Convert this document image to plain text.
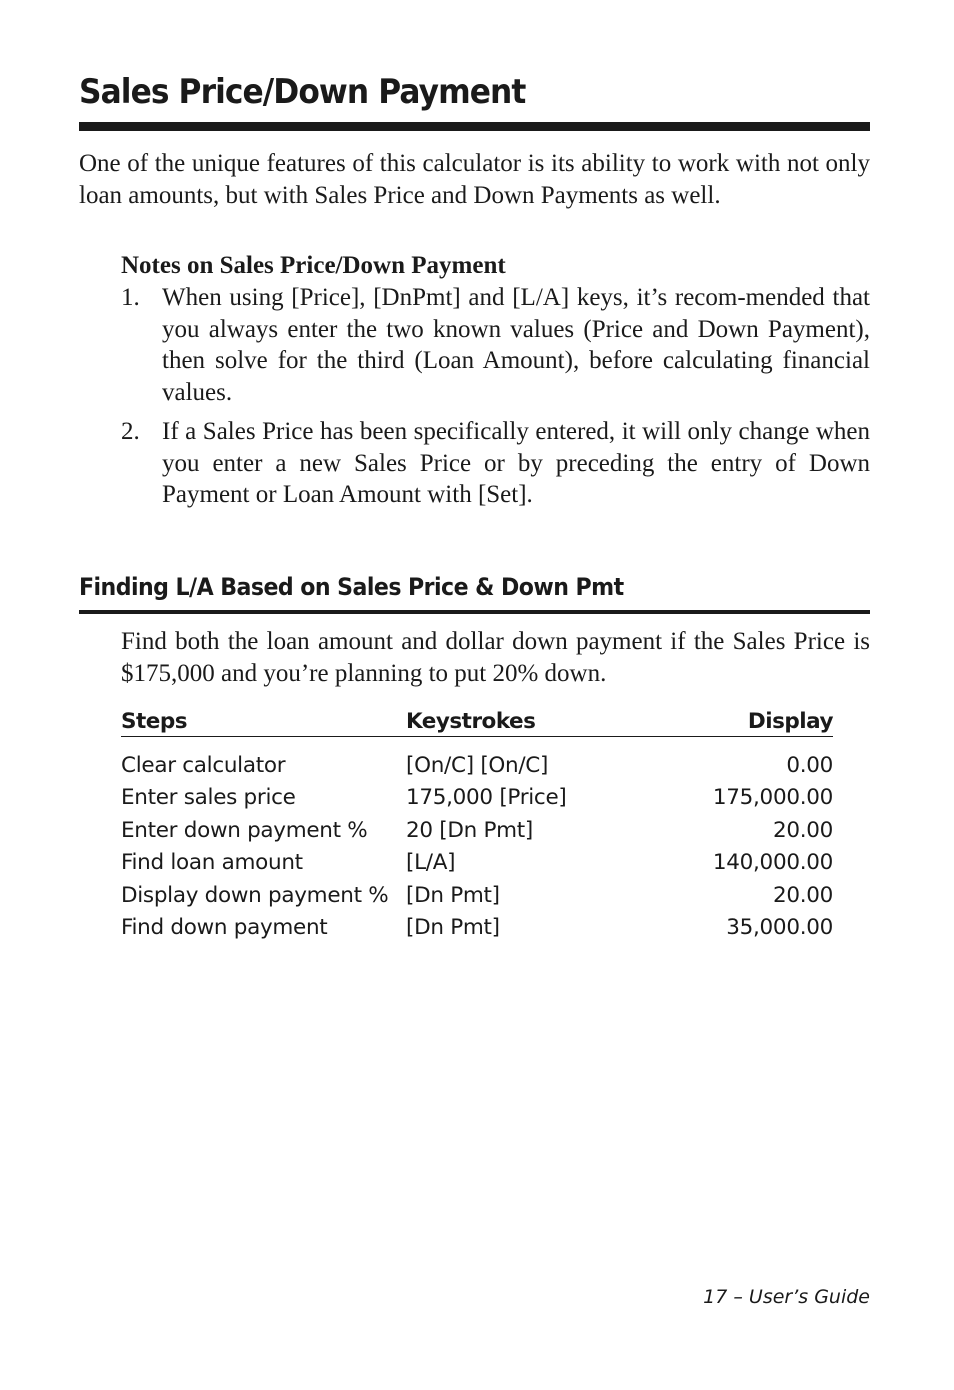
Sales Price/Down Payment

One of the unique features of this calculator is its ability to work with not only loan amounts, but with Sales Price and Down Payments as well.

Notes on Sales Price/Down Payment

1. When using [Price], [DnPmt] and [L/A] keys, it’s recom-mended that you always enter the two known values (Price and Down Payment), then solve for the third (Loan Amount), before calculating financial values.
2. If a Sales Price has been specifically entered, it will only change when you enter a new Sales Price or by preceding the entry of Down Payment or Loan Amount with [Set].
Finding L/A Based on Sales Price & Down Pmt

Find both the loan amount and dollar down payment if the Sales Price is $175,000 and you’re planning to put 20% down.

Steps	Keystrokes	Display
Clear calculator	[On/C] [On/C]	0.00
Enter sales price	175,000 [Price]	175,000.00
Enter down payment %	20 [Dn Pmt]	20.00
Find loan amount	[L/A]	140,000.00
Display down payment %	[Dn Pmt]	20.00
Find down payment	[Dn Pmt]	35,000.00

17 – User’s Guide
